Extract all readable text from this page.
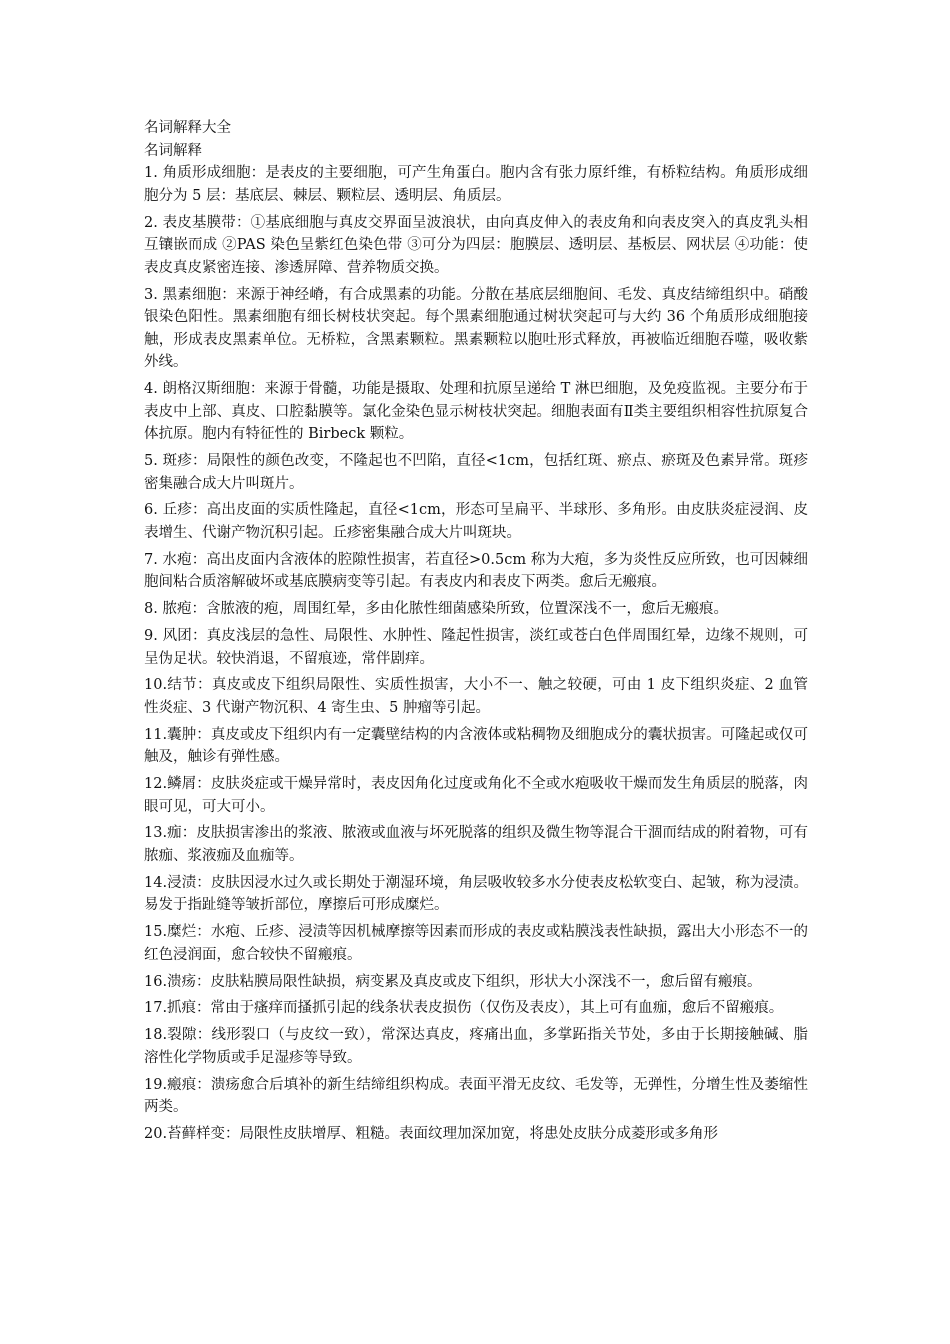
名词解释大全
名词解释
1. 角质形成细胞：是表皮的主要细胞，可产生角蛋白。胞内含有张力原纤维，有桥粒结构。角质形成细胞分为 5 层：基底层、棘层、颗粒层、透明层、角质层。
2. 表皮基膜带：①基底细胞与真皮交界面呈波浪状，由向真皮伸入的表皮角和向表皮突入的真皮乳头相互镶嵌而成 ②PAS 染色呈紫红色染色带 ③可分为四层：胞膜层、透明层、基板层、网状层 ④功能：使表皮真皮紧密连接、渗透屏障、营养物质交换。
3. 黑素细胞：来源于神经嵴，有合成黑素的功能。分散在基底层细胞间、毛发、真皮结缔组织中。硝酸银染色阳性。黑素细胞有细长树枝状突起。每个黑素细胞通过树状突起可与大约 36 个角质形成细胞接触，形成表皮黑素单位。无桥粒，含黑素颗粒。黑素颗粒以胞吐形式释放，再被临近细胞吞噬，吸收紫外线。
4. 朗格汉斯细胞：来源于骨髓，功能是摄取、处理和抗原呈递给 T 淋巴细胞，及免疫监视。主要分布于表皮中上部、真皮、口腔黏膜等。氯化金染色显示树枝状突起。细胞表面有Ⅱ类主要组织相容性抗原复合体抗原。胞内有特征性的 Birbeck 颗粒。
5. 斑疹：局限性的颜色改变，不隆起也不凹陷，直径<1cm，包括红斑、瘀点、瘀斑及色素异常。斑疹密集融合成大片叫斑片。
6. 丘疹：高出皮面的实质性隆起，直径<1cm，形态可呈扁平、半球形、多角形。由皮肤炎症浸润、皮表增生、代谢产物沉积引起。丘疹密集融合成大片叫斑块。
7. 水疱：高出皮面内含液体的腔隙性损害，若直径>0.5cm 称为大疱，多为炎性反应所致，也可因棘细胞间粘合质溶解破坏或基底膜病变等引起。有表皮内和表皮下两类。愈后无瘢痕。
8. 脓疱：含脓液的疱，周围红晕，多由化脓性细菌感染所致，位置深浅不一，愈后无瘢痕。
9. 风团：真皮浅层的急性、局限性、水肿性、隆起性损害，淡红或苍白色伴周围红晕，边缘不规则，可呈伪足状。较快消退，不留痕迹，常伴剧痒。
10.结节：真皮或皮下组织局限性、实质性损害，大小不一、触之较硬，可由 1 皮下组织炎症、2 血管性炎症、3 代谢产物沉积、4 寄生虫、5 肿瘤等引起。
11.囊肿：真皮或皮下组织内有一定囊壁结构的内含液体或粘稠物及细胞成分的囊状损害。可隆起或仅可触及，触诊有弹性感。
12.鳞屑：皮肤炎症或干燥异常时，表皮因角化过度或角化不全或水疱吸收干燥而发生角质层的脱落，肉眼可见，可大可小。
13.痂：皮肤损害渗出的浆液、脓液或血液与坏死脱落的组织及微生物等混合干涸而结成的附着物，可有脓痂、浆液痂及血痂等。
14.浸渍：皮肤因浸水过久或长期处于潮湿环境，角层吸收较多水分使表皮松软变白、起皱，称为浸渍。易发于指趾缝等皱折部位，摩擦后可形成糜烂。
15.糜烂：水疱、丘疹、浸渍等因机械摩擦等因素而形成的表皮或粘膜浅表性缺损，露出大小形态不一的红色浸润面，愈合较快不留瘢痕。
16.溃疡：皮肤粘膜局限性缺损，病变累及真皮或皮下组织，形状大小深浅不一，愈后留有瘢痕。
17.抓痕：常由于瘙痒而搔抓引起的线条状表皮损伤（仅伤及表皮），其上可有血痂，愈后不留瘢痕。
18.裂隙：线形裂口（与皮纹一致），常深达真皮，疼痛出血，多掌跖指关节处，多由于长期接触碱、脂溶性化学物质或手足湿疹等导致。
19.瘢痕：溃疡愈合后填补的新生结缔组织构成。表面平滑无皮纹、毛发等，无弹性，分增生性及萎缩性两类。
20.苔藓样变：局限性皮肤增厚、粗糙。表面纹理加深加宽，将患处皮肤分成菱形或多角形
